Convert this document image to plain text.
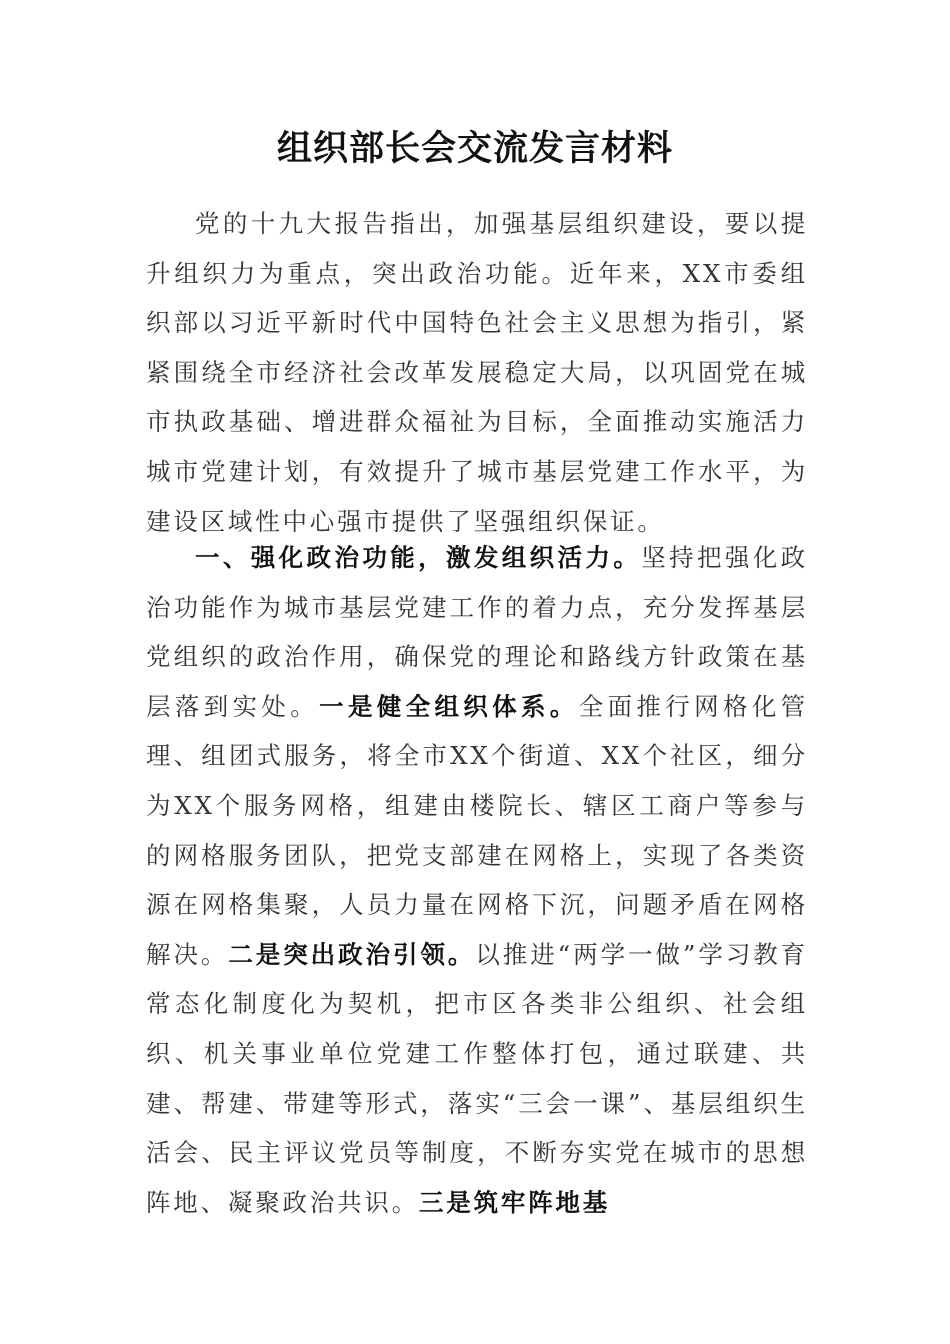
组织部长会交流发言材料

党的十九大报告指出，加强基层组织建设，要以提升组织力为重点，突出政治功能。近年来，XX市委组织部以习近平新时代中国特色社会主义思想为指引，紧紧围绕全市经济社会改革发展稳定大局，以巩固党在城市执政基础、增进群众福祉为目标，全面推动实施活力城市党建计划，有效提升了城市基层党建工作水平，为建设区域性中心强市提供了坚强组织保证。

一、强化政治功能，激发组织活力。坚持把强化政治功能作为城市基层党建工作的着力点，充分发挥基层党组织的政治作用，确保党的理论和路线方针政策在基层落到实处。一是健全组织体系。全面推行网格化管理、组团式服务，将全市XX个街道、XX个社区，细分为XX个服务网格，组建由楼院长、辖区工商户等参与的网格服务团队，把党支部建在网格上，实现了各类资源在网格集聚，人员力量在网格下沉，问题矛盾在网格解决。二是突出政治引领。以推进“两学一做”学习教育常态化制度化为契机，把市区各类非公组织、社会组织、机关事业单位党建工作整体打包，通过联建、共建、帮建、带建等形式，落实“三会一课”、基层组织生活会、民主评议党员等制度，不断夯实党在城市的思想阵地、凝聚政治共识。三是筑牢阵地基
